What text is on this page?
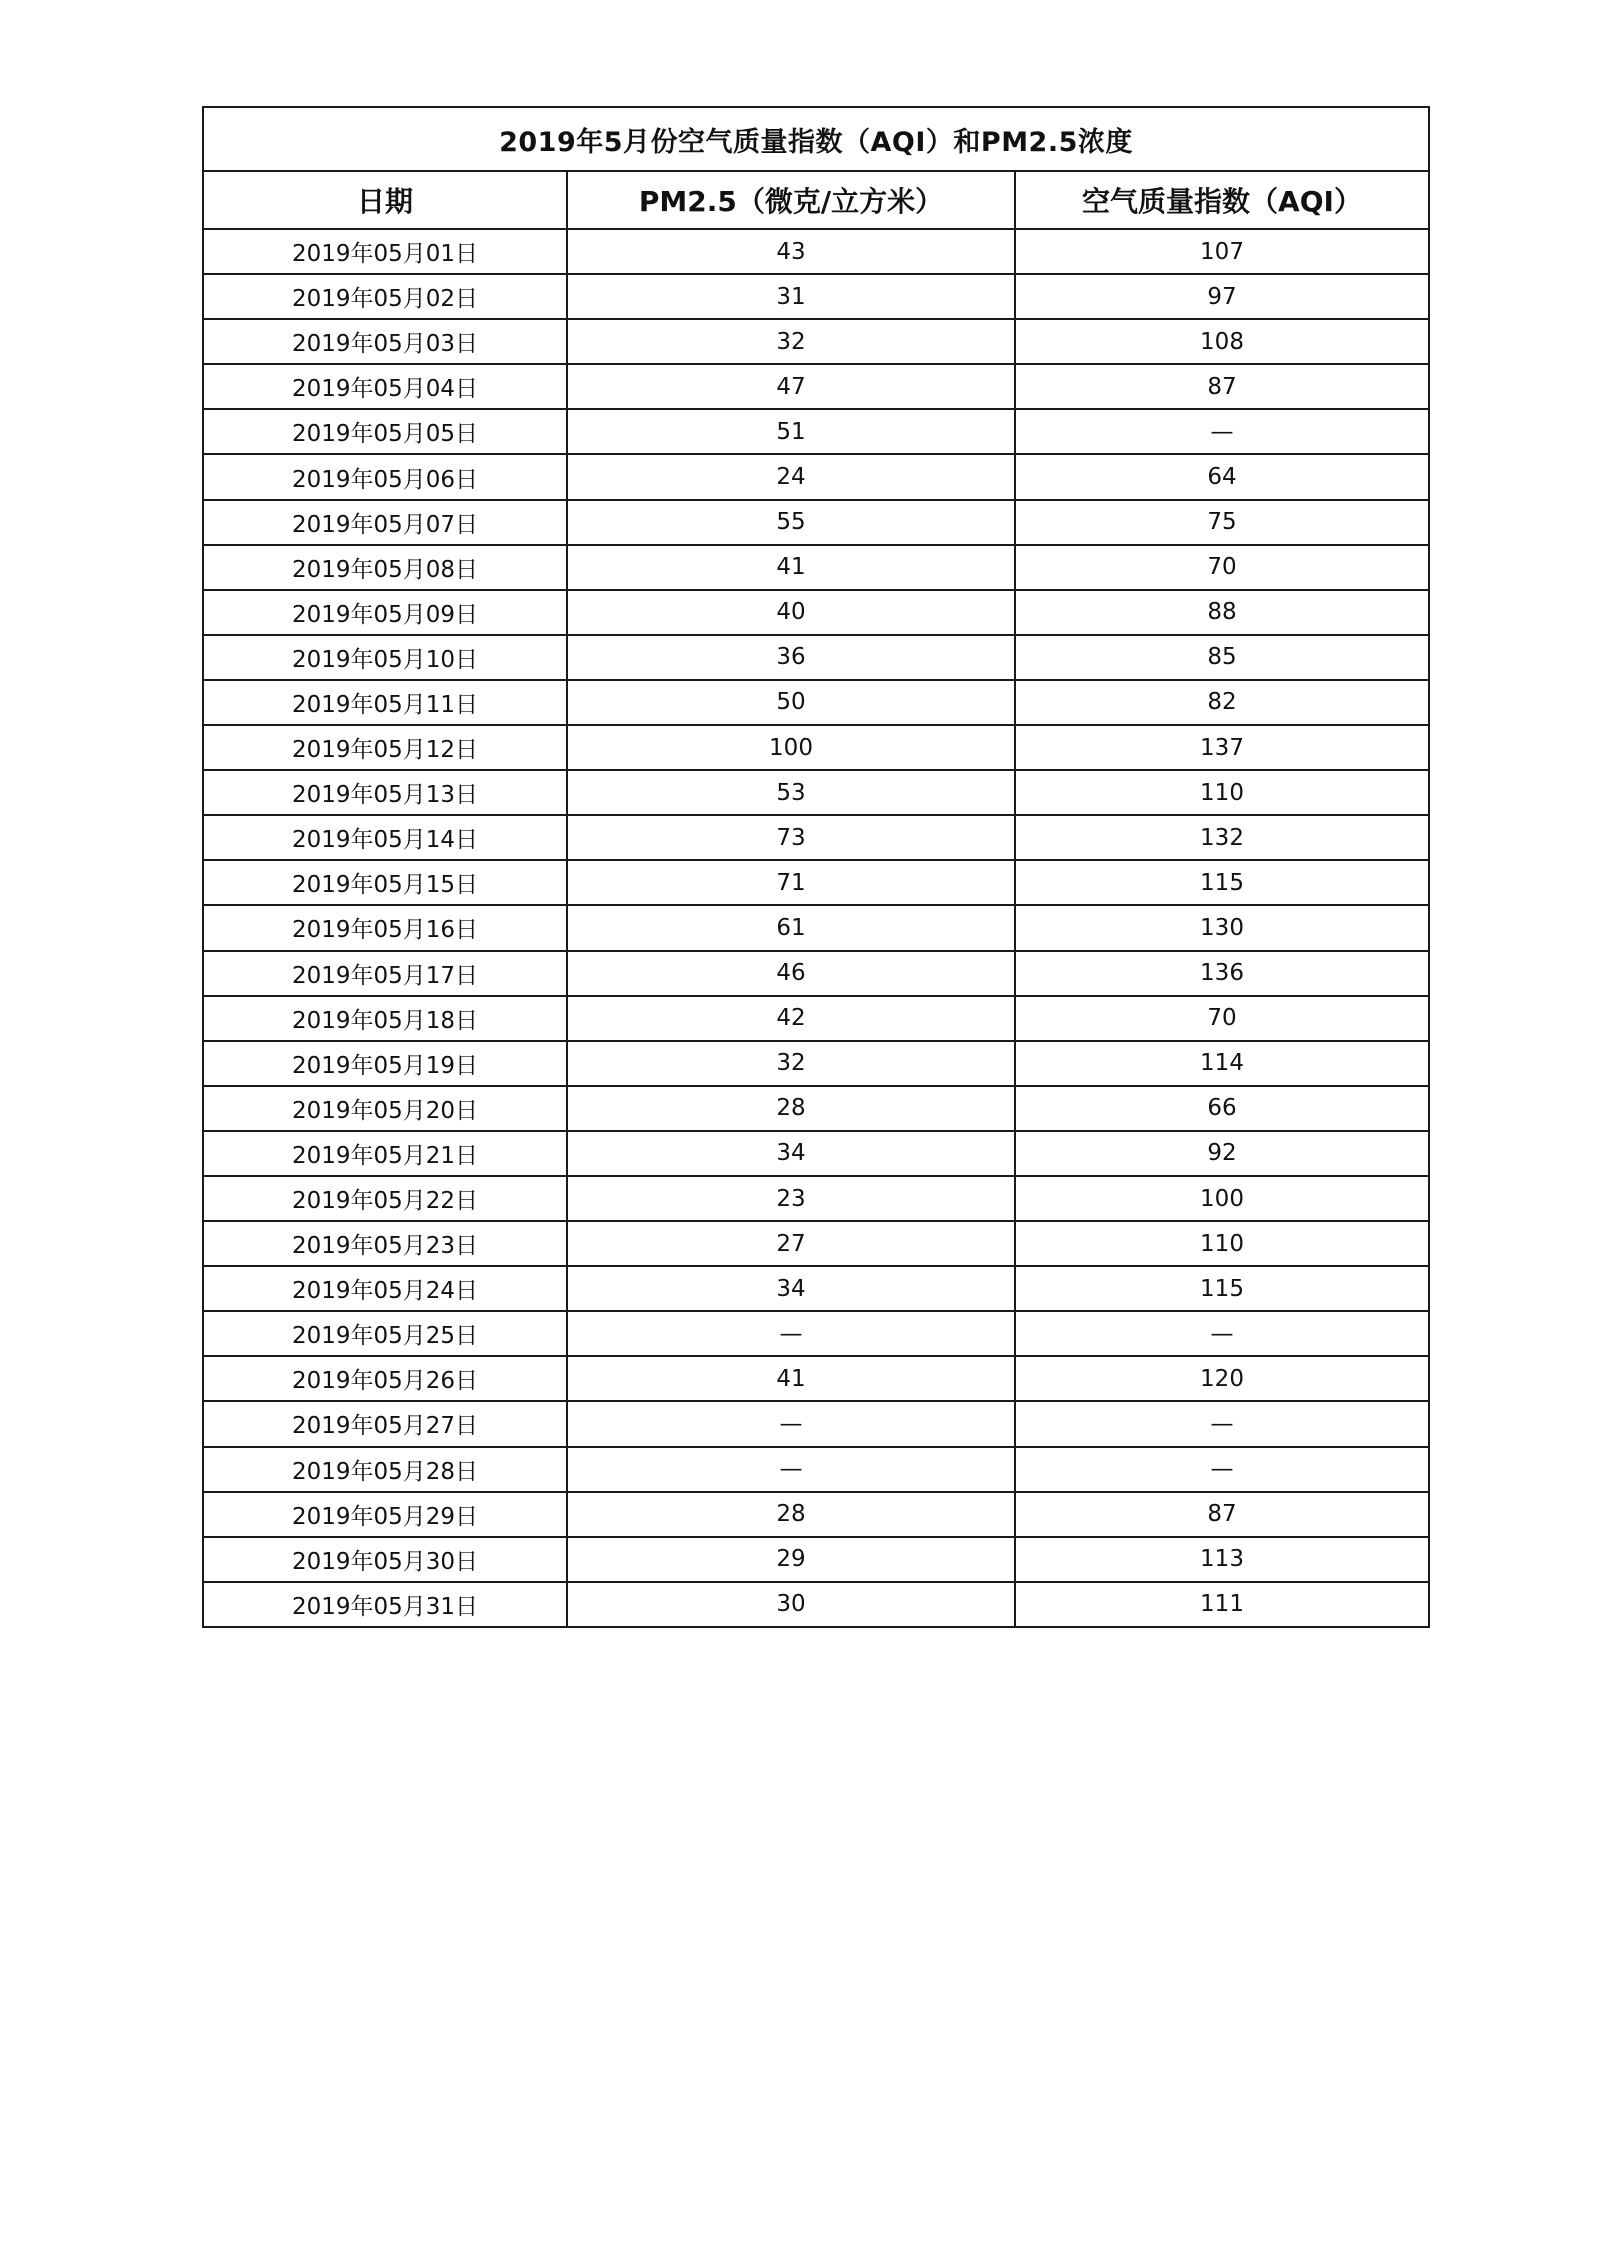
2019年5月份空气质量指数（AQI）和PM2.5浓度
日期	PM2.5（微克/立方米）	空气质量指数（AQI）
2019年05月01日	43	107
2019年05月02日	31	97
2019年05月03日	32	108
2019年05月04日	47	87
2019年05月05日	51	—
2019年05月06日	24	64
2019年05月07日	55	75
2019年05月08日	41	70
2019年05月09日	40	88
2019年05月10日	36	85
2019年05月11日	50	82
2019年05月12日	100	137
2019年05月13日	53	110
2019年05月14日	73	132
2019年05月15日	71	115
2019年05月16日	61	130
2019年05月17日	46	136
2019年05月18日	42	70
2019年05月19日	32	114
2019年05月20日	28	66
2019年05月21日	34	92
2019年05月22日	23	100
2019年05月23日	27	110
2019年05月24日	34	115
2019年05月25日	—	—
2019年05月26日	41	120
2019年05月27日	—	—
2019年05月28日	—	—
2019年05月29日	28	87
2019年05月30日	29	113
2019年05月31日	30	111
